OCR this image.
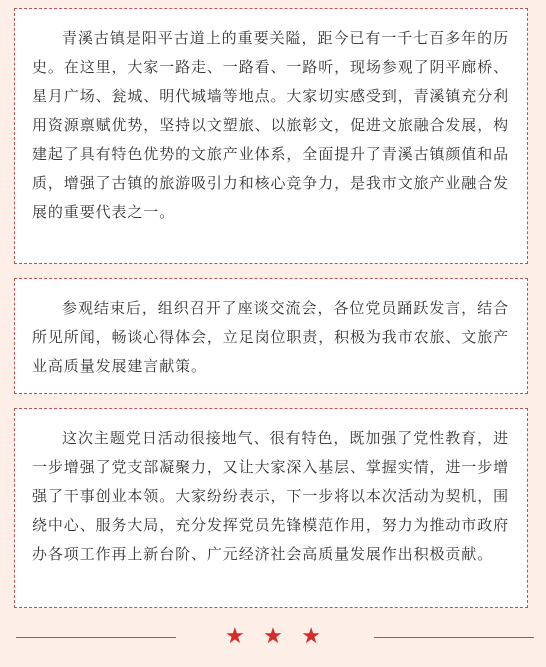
青溪古镇是阳平古道上的重要关隘，距今已有一千七百多年的历史。在这里，大家一路走、一路看、一路听，现场参观了阴平廊桥、星月广场、瓮城、明代城墙等地点。大家切实感受到，青溪镇充分利用资源禀赋优势，坚持以文塑旅、以旅彰文，促进文旅融合发展，构建起了具有特色优势的文旅产业体系，全面提升了青溪古镇颜值和品质，增强了古镇的旅游吸引力和核心竞争力，是我市文旅产业融合发展的重要代表之一。

参观结束后，组织召开了座谈交流会，各位党员踊跃发言，结合所见所闻，畅谈心得体会，立足岗位职责，积极为我市农旅、文旅产业高质量发展建言献策。

这次主题党日活动很接地气、很有特色，既加强了党性教育，进一步增强了党支部凝聚力，又让大家深入基层、掌握实情，进一步增强了干事创业本领。大家纷纷表示，下一步将以本次活动为契机，围绕中心、服务大局，充分发挥党员先锋模范作用，努力为推动市政府办各项工作再上新台阶、广元经济社会高质量发展作出积极贡献。

★ ★ ★
